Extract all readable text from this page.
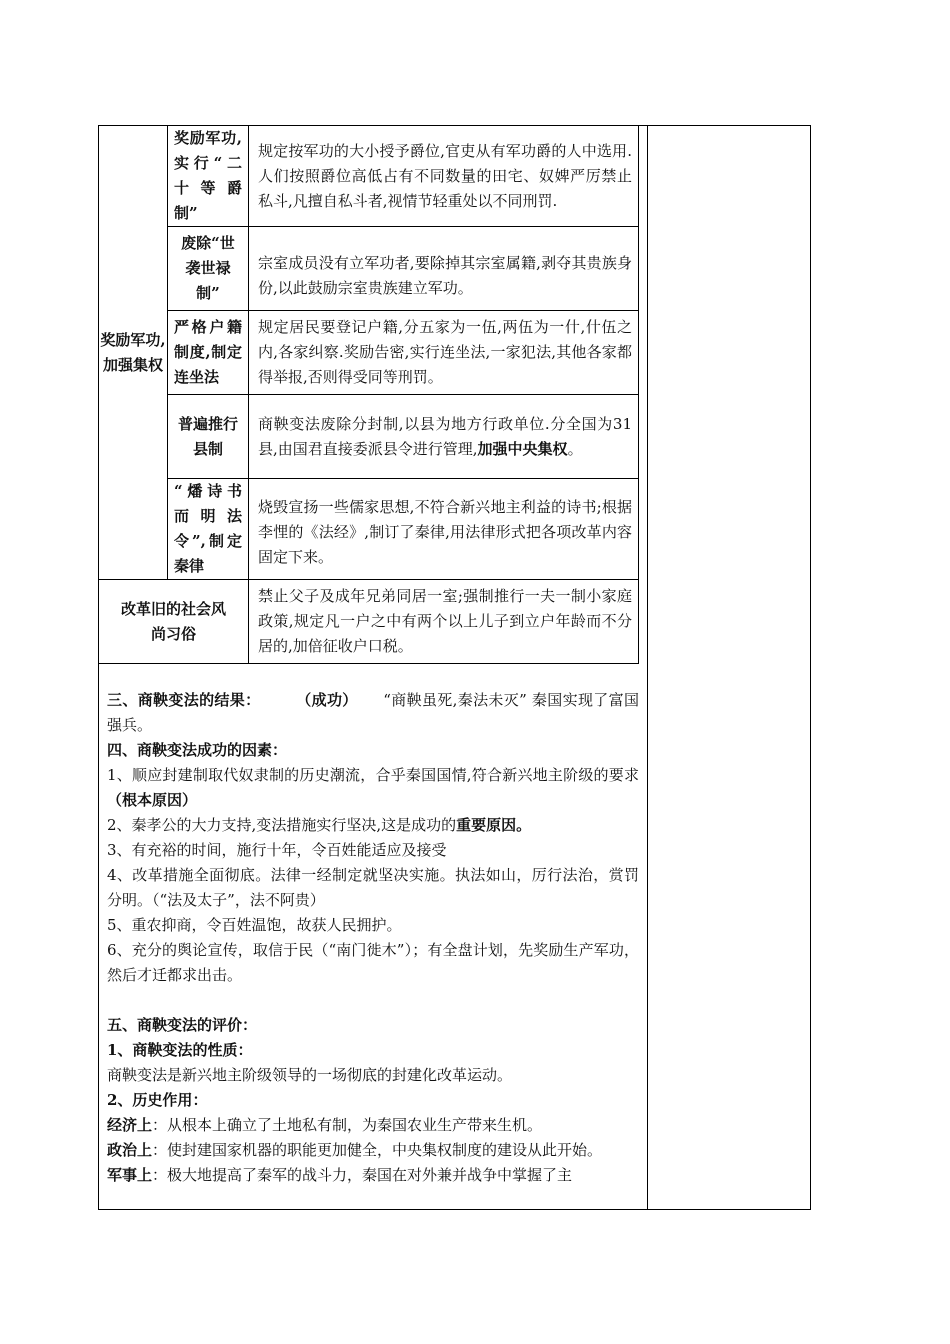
奖励军功,加强集权	奖励军功,实行“二十等爵制”	规定按军功的大小授予爵位,官吏从有军功爵的人中选用.人们按照爵位高低占有不同数量的田宅、奴婢严厉禁止私斗,凡擅自私斗者,视情节轻重处以不同刑罚.
	废除“世袭世禄制”	宗室成员没有立军功者,要除掉其宗室属籍,剥夺其贵族身份,以此鼓励宗室贵族建立军功。
	严格户籍制度,制定连坐法	规定居民要登记户籍,分五家为一伍,两伍为一什,什伍之内,各家纠察.奖励告密,实行连坐法,一家犯法,其他各家都得举报,否则得受同等刑罚。
	普遍推行县制	商鞅变法废除分封制,以县为地方行政单位.分全国为31县,由国君直接委派县令进行管理,加强中央集权。
	“燔诗书而明法令”,制定秦律	烧毁宣扬一些儒家思想,不符合新兴地主利益的诗书;根据李悝的《法经》,制订了秦律,用法律形式把各项改革内容固定下来。
改革旧的社会风尚习俗		禁止父子及成年兄弟同居一室;强制推行一夫一制小家庭政策,规定凡一户之中有两个以上儿子到立户年龄而不分居的,加倍征收户口税。

三、商鞅变法的结果： （成功） “商鞅虽死,秦法未灭” 秦国实现了富国强兵。

四、商鞅变法成功的因素：

1、顺应封建制取代奴隶制的历史潮流，合乎秦国国情,符合新兴地主阶级的要求（根本原因）

2、秦孝公的大力支持,变法措施实行坚决,这是成功的重要原因。

3、有充裕的时间，施行十年，令百姓能适应及接受

4、改革措施全面彻底。法律一经制定就坚决实施。执法如山，厉行法治，赏罚分明。（“法及太子”，法不阿贵）

5、重农抑商，令百姓温饱，故获人民拥护。

6、充分的舆论宣传，取信于民（“南门徙木”）；有全盘计划，先奖励生产军功，然后才迁都求出击。

五、商鞅变法的评价：

1、商鞅变法的性质：

商鞅变法是新兴地主阶级领导的一场彻底的封建化改革运动。

2、历史作用：

经济上：从根本上确立了土地私有制，为秦国农业生产带来生机。

政治上：使封建国家机器的职能更加健全，中央集权制度的建设从此开始。

军事上：极大地提高了秦军的战斗力，秦国在对外兼并战争中掌握了主
